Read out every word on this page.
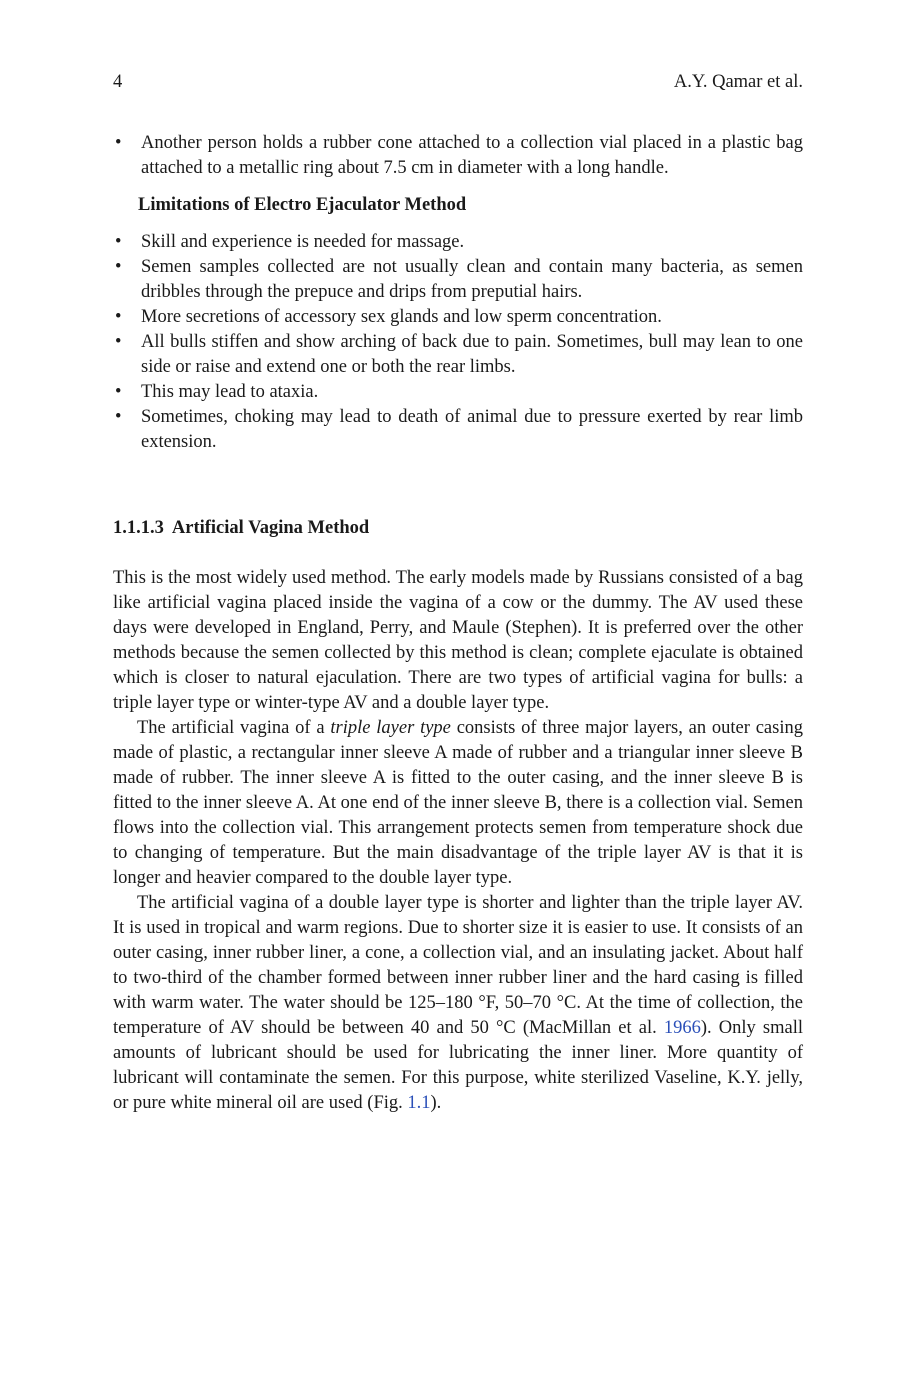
4	A.Y. Qamar et al.
• Another person holds a rubber cone attached to a collection vial placed in a plastic bag attached to a metallic ring about 7.5 cm in diameter with a long handle.
Limitations of Electro Ejaculator Method
• Skill and experience is needed for massage.
• Semen samples collected are not usually clean and contain many bacteria, as semen dribbles through the prepuce and drips from preputial hairs.
• More secretions of accessory sex glands and low sperm concentration.
• All bulls stiffen and show arching of back due to pain. Sometimes, bull may lean to one side or raise and extend one or both the rear limbs.
• This may lead to ataxia.
• Sometimes, choking may lead to death of animal due to pressure exerted by rear limb extension.
1.1.1.3 Artificial Vagina Method

This is the most widely used method. The early models made by Russians consisted of a bag like artificial vagina placed inside the vagina of a cow or the dummy. The AV used these days were developed in England, Perry, and Maule (Stephen). It is preferred over the other methods because the semen collected by this method is clean; complete ejaculate is obtained which is closer to natural ejaculation. There are two types of artificial vagina for bulls: a triple layer type or winter-type AV and a double layer type.

The artificial vagina of a triple layer type consists of three major layers, an outer casing made of plastic, a rectangular inner sleeve A made of rubber and a triangular inner sleeve B made of rubber. The inner sleeve A is fitted to the outer casing, and the inner sleeve B is fitted to the inner sleeve A. At one end of the inner sleeve B, there is a collection vial. Semen flows into the collection vial. This arrangement protects semen from temperature shock due to changing of temperature. But the main disadvantage of the triple layer AV is that it is longer and heavier compared to the double layer type.

The artificial vagina of a double layer type is shorter and lighter than the triple layer AV. It is used in tropical and warm regions. Due to shorter size it is easier to use. It consists of an outer casing, inner rubber liner, a cone, a collection vial, and an insulating jacket. About half to two-third of the chamber formed between inner rubber liner and the hard casing is filled with warm water. The water should be 125–180 °F, 50–70 °C. At the time of collection, the temperature of AV should be between 40 and 50 °C (MacMillan et al. 1966). Only small amounts of lubricant should be used for lubricating the inner liner. More quantity of lubricant will contaminate the semen. For this purpose, white sterilized Vaseline, K.Y. jelly, or pure white mineral oil are used (Fig. 1.1).
